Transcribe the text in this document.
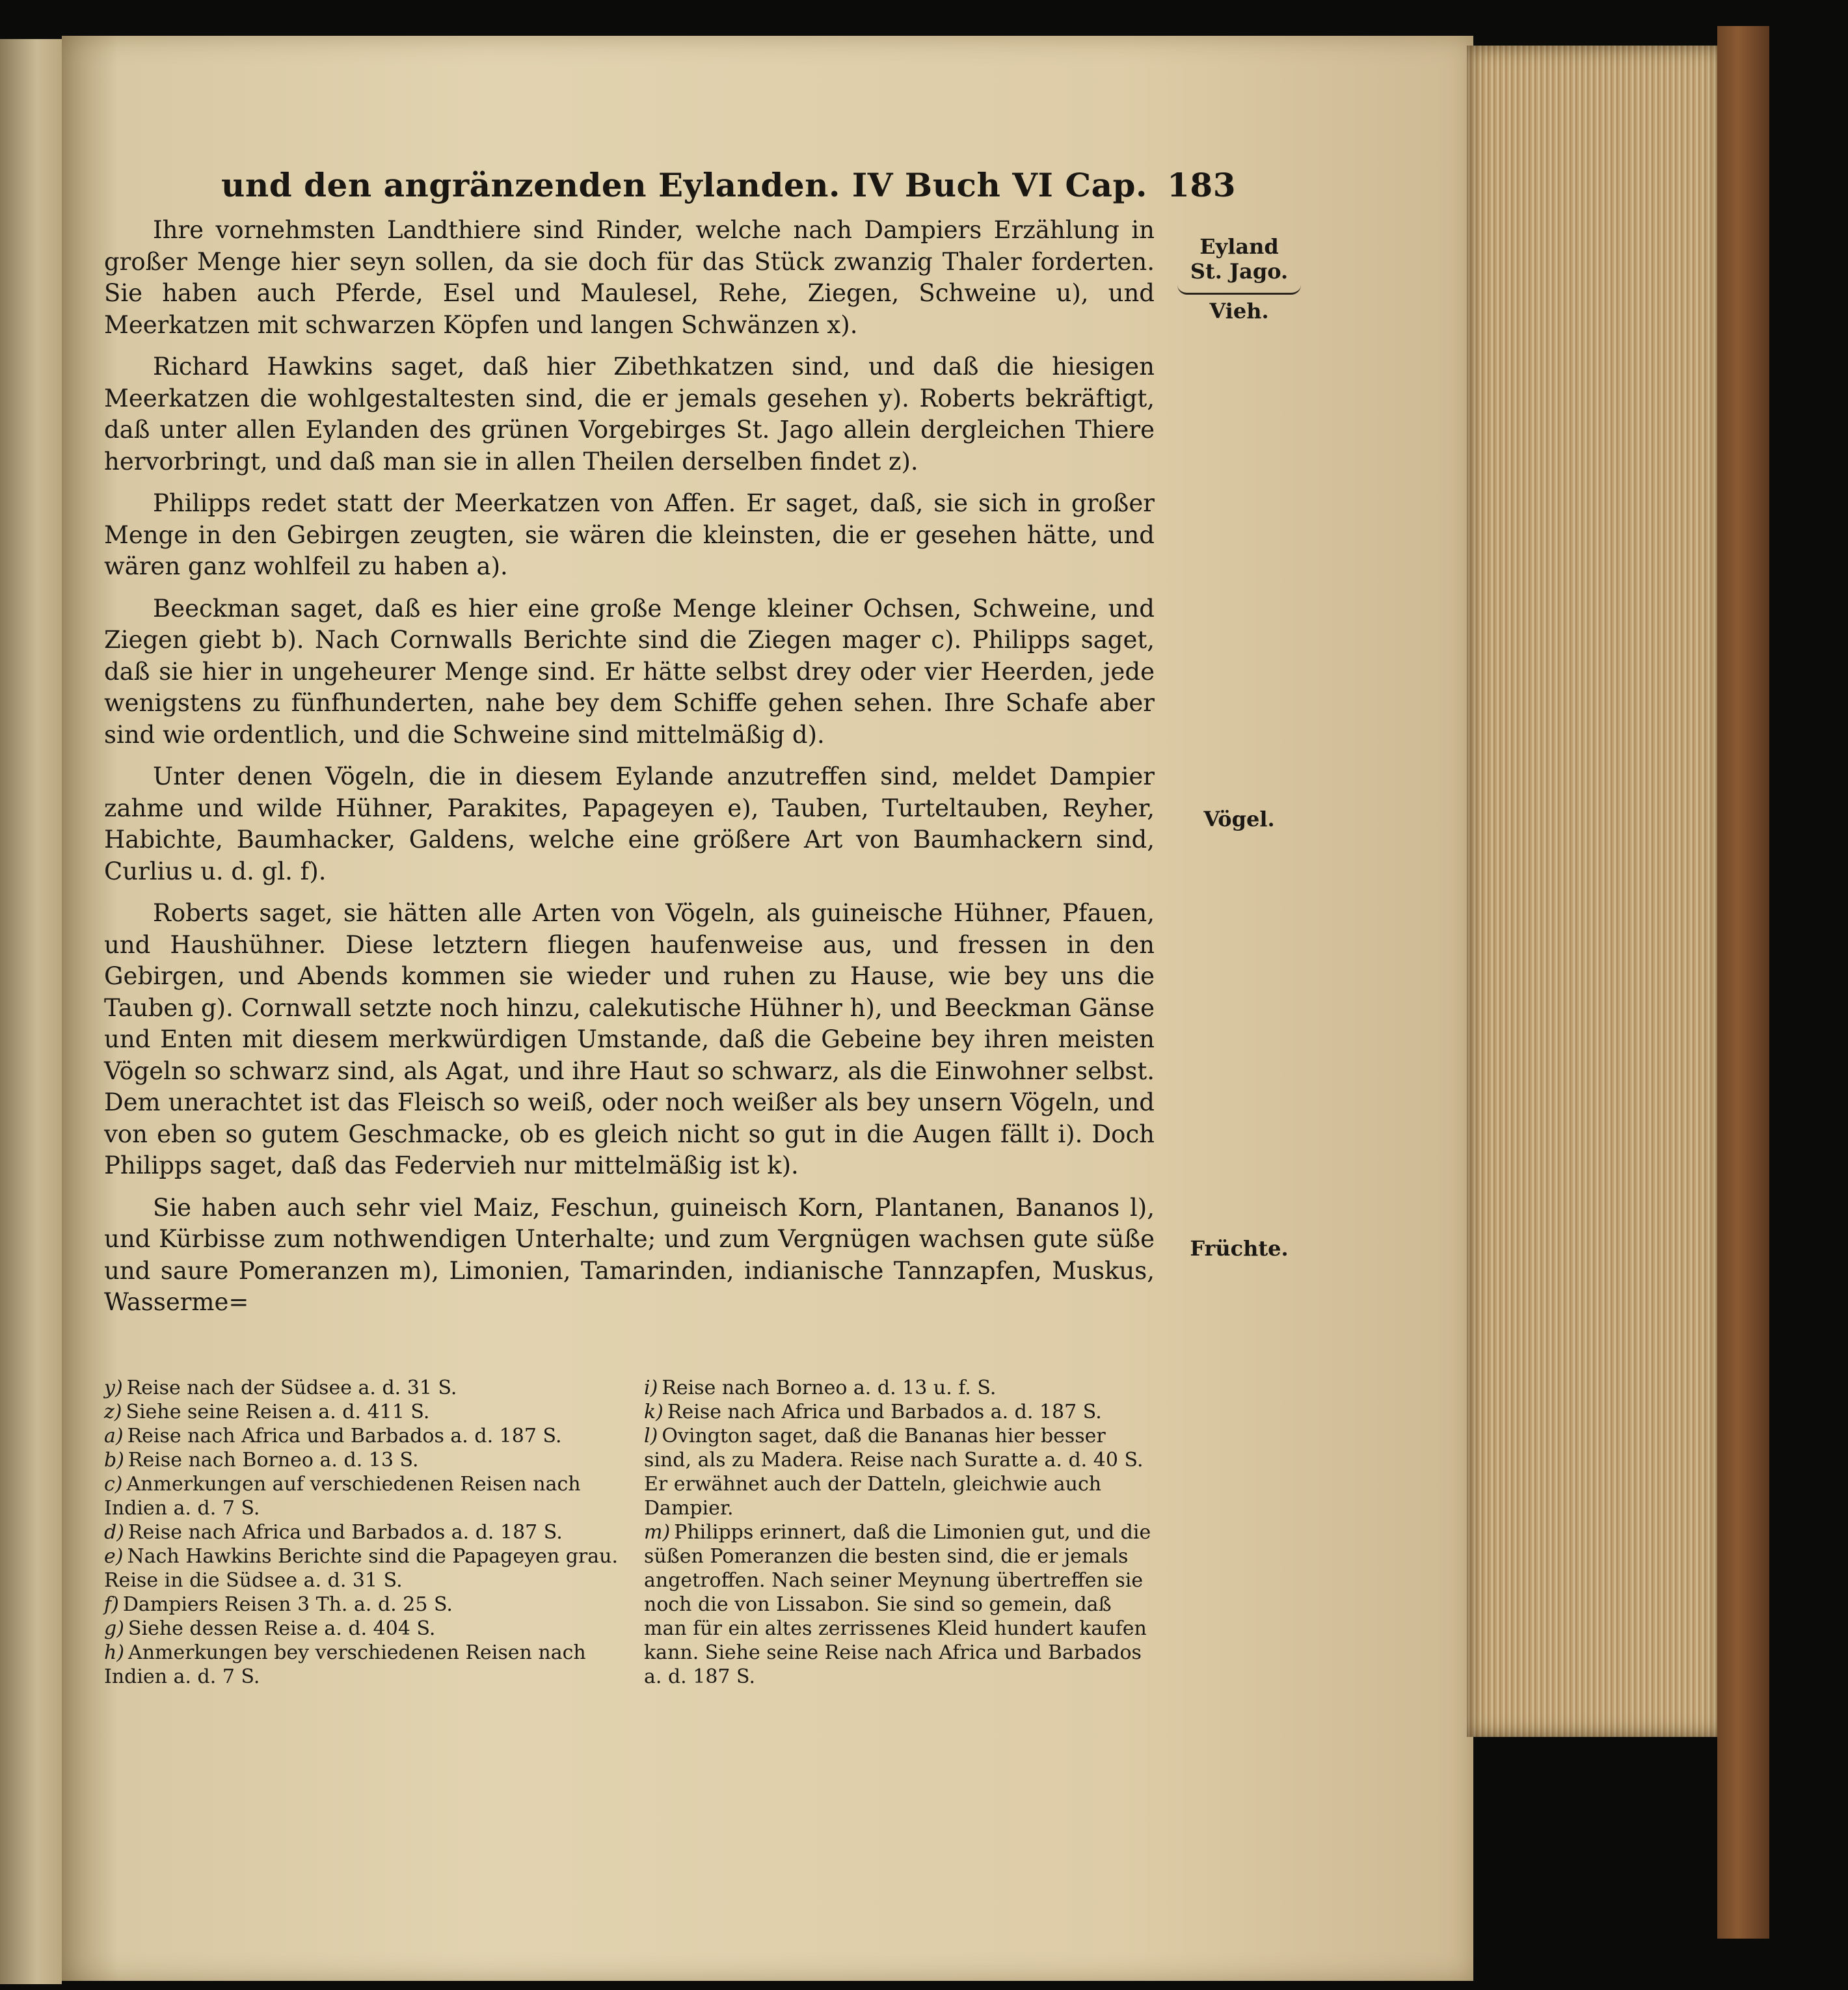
und den angränzenden Eylanden. IV Buch VI Cap. 183

Ihre vornehmsten Landthiere sind Rinder, welche nach Dampiers Erzählung in großer Menge hier seyn sollen, da sie doch für das Stück zwanzig Thaler forderten. Sie haben auch Pferde, Esel und Maulesel, Rehe, Ziegen, Schweine u), und Meerkatzen mit schwarzen Köpfen und langen Schwänzen x).

Richard Hawkins saget, daß hier Zibethkatzen sind, und daß die hiesigen Meerkatzen die wohlgestaltesten sind, die er jemals gesehen y). Roberts bekräftigt, daß unter allen Eylanden des grünen Vorgebirges St. Jago allein dergleichen Thiere hervorbringt, und daß man sie in allen Theilen derselben findet z).

Philipps redet statt der Meerkatzen von Affen. Er saget, daß, sie sich in großer Menge in den Gebirgen zeugten, sie wären die kleinsten, die er gesehen hätte, und wären ganz wohlfeil zu haben a).

Beeckman saget, daß es hier eine große Menge kleiner Ochsen, Schweine, und Ziegen giebt b). Nach Cornwalls Berichte sind die Ziegen mager c). Philipps saget, daß sie hier in ungeheurer Menge sind. Er hätte selbst drey oder vier Heerden, jede wenigstens zu fünfhunderten, nahe bey dem Schiffe gehen sehen. Ihre Schafe aber sind wie ordentlich, und die Schweine sind mittelmäßig d).

Unter denen Vögeln, die in diesem Eylande anzutreffen sind, meldet Dampier zahme und wilde Hühner, Parakites, Papageyen e), Tauben, Turteltauben, Reyher, Habichte, Baumhacker, Galdens, welche eine größere Art von Baumhackern sind, Curlius u. d. gl. f).

Roberts saget, sie hätten alle Arten von Vögeln, als guineische Hühner, Pfauen, und Haushühner. Diese letztern fliegen haufenweise aus, und fressen in den Gebirgen, und Abends kommen sie wieder und ruhen zu Hause, wie bey uns die Tauben g). Cornwall setzte noch hinzu, calekutische Hühner h), und Beeckman Gänse und Enten mit diesem merkwürdigen Umstande, daß die Gebeine bey ihren meisten Vögeln so schwarz sind, als Agat, und ihre Haut so schwarz, als die Einwohner selbst. Dem unerachtet ist das Fleisch so weiß, oder noch weißer als bey unsern Vögeln, und von eben so gutem Geschmacke, ob es gleich nicht so gut in die Augen fällt i). Doch Philipps saget, daß das Federvieh nur mittelmäßig ist k).

Sie haben auch sehr viel Maiz, Feschun, guineisch Korn, Plantanen, Bananos l), und Kürbisse zum nothwendigen Unterhalte; und zum Vergnügen wachsen gute süße und saure Pomeranzen m), Limonien, Tamarinden, indianische Tannzapfen, Muskus, Wasserme=

Eyland
St. Jago.
Vieh.
Vögel.
Früchte.

y) Reise nach der Südsee a. d. 31 S.

z) Siehe seine Reisen a. d. 411 S.

a) Reise nach Africa und Barbados a. d. 187 S.

b) Reise nach Borneo a. d. 13 S.

c) Anmerkungen auf verschiedenen Reisen nach Indien a. d. 7 S.

d) Reise nach Africa und Barbados a. d. 187 S.

e) Nach Hawkins Berichte sind die Papageyen grau. Reise in die Südsee a. d. 31 S.

f) Dampiers Reisen 3 Th. a. d. 25 S.

g) Siehe dessen Reise a. d. 404 S.

h) Anmerkungen bey verschiedenen Reisen nach Indien a. d. 7 S.

i) Reise nach Borneo a. d. 13 u. f. S.

k) Reise nach Africa und Barbados a. d. 187 S.

l) Ovington saget, daß die Bananas hier besser sind, als zu Madera. Reise nach Suratte a. d. 40 S. Er erwähnet auch der Datteln, gleichwie auch Dampier.

m) Philipps erinnert, daß die Limonien gut, und die süßen Pomeranzen die besten sind, die er jemals angetroffen. Nach seiner Meynung übertreffen sie noch die von Lissabon. Sie sind so gemein, daß man für ein altes zerrissenes Kleid hundert kaufen kann. Siehe seine Reise nach Africa und Barbados a. d. 187 S.
